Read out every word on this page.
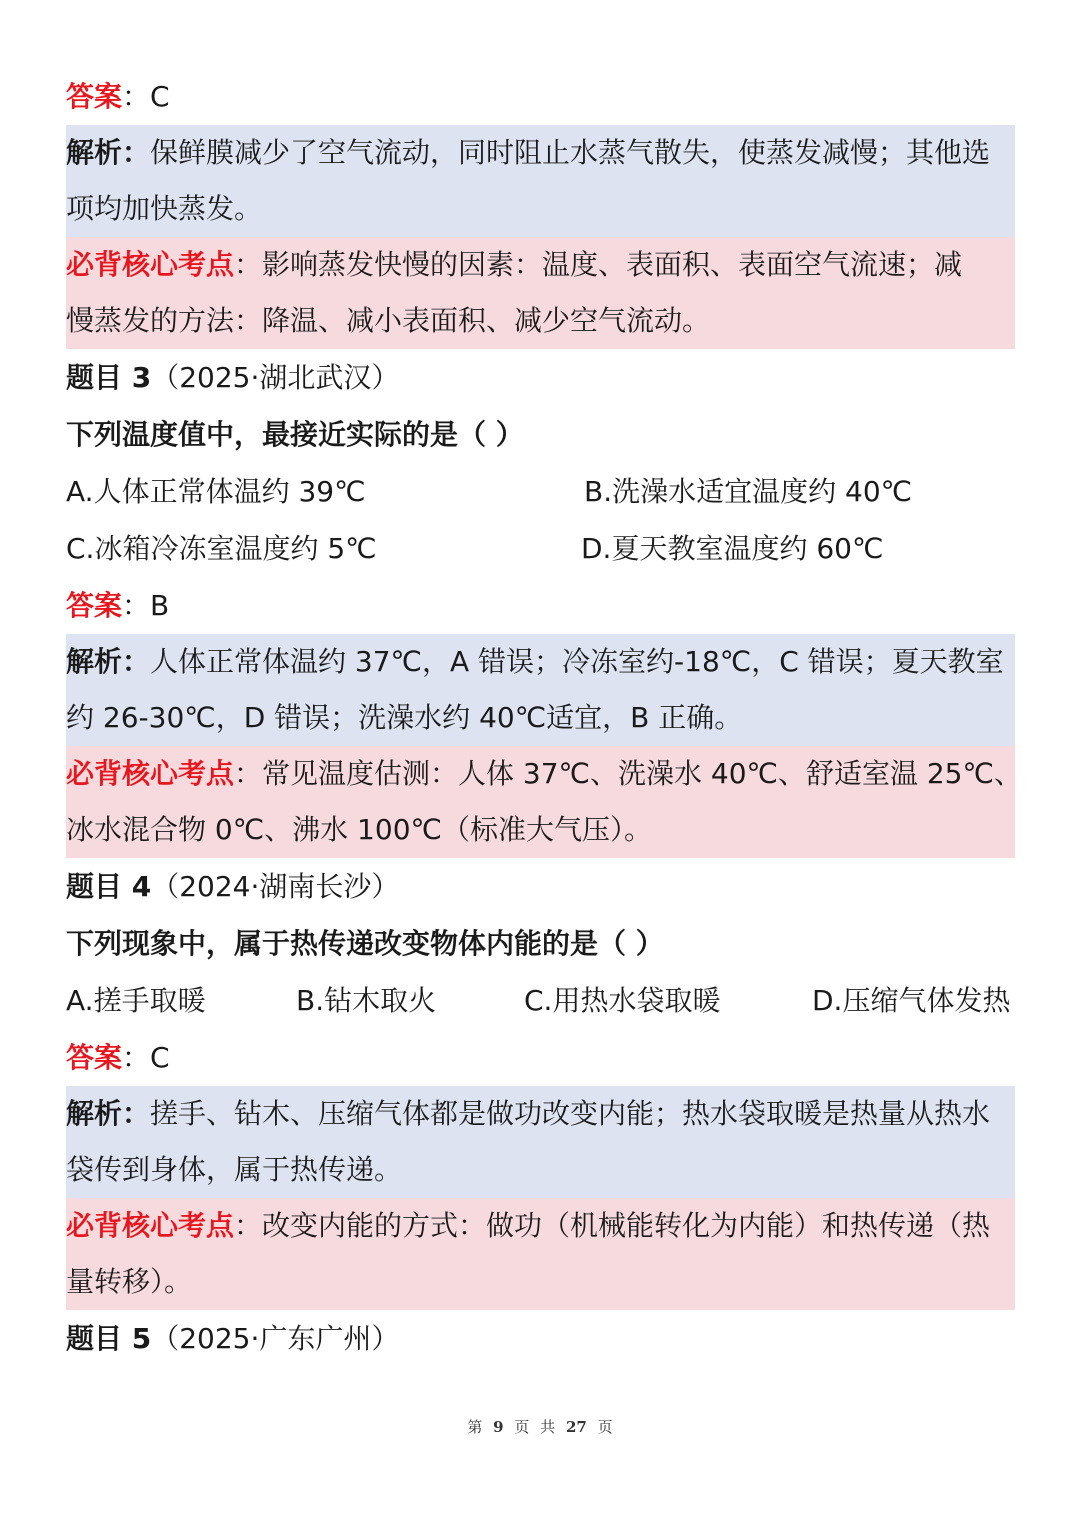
答案：C
解析：保鲜膜减少了空气流动，同时阻止水蒸气散失，使蒸发减慢；其他选
项均加快蒸发。
必背核心考点：影响蒸发快慢的因素：温度、表面积、表面空气流速；减
慢蒸发的方法：降温、减小表面积、减少空气流动。
题目 3（2025·湖北武汉）
下列温度值中，最接近实际的是（ ）
A.人体正常体温约 39℃	B.洗澡水适宜温度约 40℃
C.冰箱冷冻室温度约 5℃	D.夏天教室温度约 60℃
答案：B
解析：人体正常体温约 37℃，A 错误；冷冻室约-18℃，C 错误；夏天教室
约 26-30℃，D 错误；洗澡水约 40℃适宜，B 正确。
必背核心考点：常见温度估测：人体 37℃、洗澡水 40℃、舒适室温 25℃、
冰水混合物 0℃、沸水 100℃（标准大气压）。
题目 4（2024·湖南长沙）
下列现象中，属于热传递改变物体内能的是（ ）
A.搓手取暖	B.钻木取火	C.用热水袋取暖	D.压缩气体发热
答案：C
解析：搓手、钻木、压缩气体都是做功改变内能；热水袋取暖是热量从热水
袋传到身体，属于热传递。
必背核心考点：改变内能的方式：做功（机械能转化为内能）和热传递（热
量转移）。
题目 5（2025·广东广州）
第 9 页 共 27 页
